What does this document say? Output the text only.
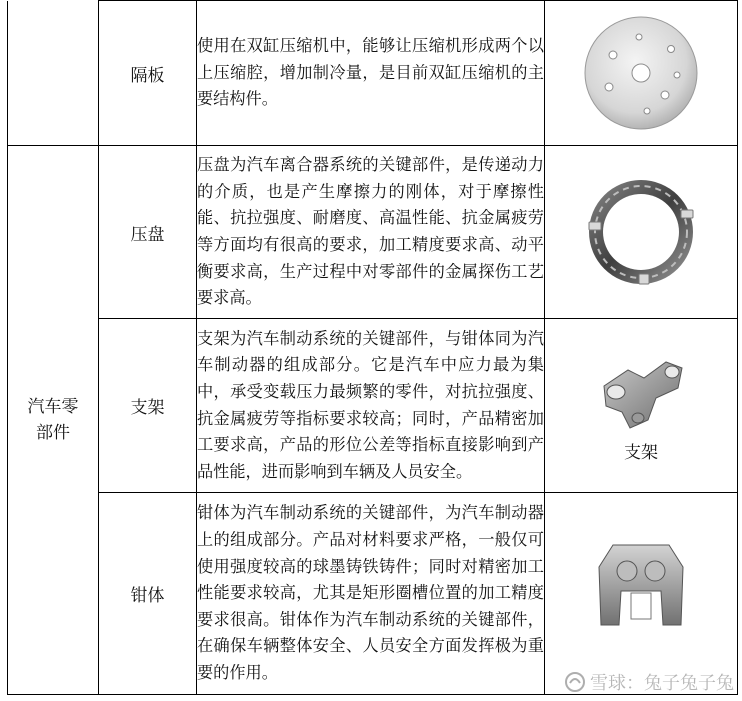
	隔板	使用在双缸压缩机中，能够让压缩机形成两个以上压缩腔，增加制冷量，是目前双缸压缩机的主要结构件。	

汽车零部件	压盘	压盘为汽车离合器系统的关键部件，是传递动力的介质，也是产生摩擦力的刚体，对于摩擦性能、抗拉强度、耐磨度、高温性能、抗金属疲劳等方面均有很高的要求，加工精度要求高、动平衡要求高，生产过程中对零部件的金属探伤工艺要求高。	

	支架	支架为汽车制动系统的关键部件，与钳体同为汽车制动器的组成部分。它是汽车中应力最为集中，承受变载压力最频繁的零件，对抗拉强度、抗金属疲劳等指标要求较高；同时，产品精密加工要求高，产品的形位公差等指标直接影响到产品性能，进而影响到车辆及人员安全。	支架

	钳体	钳体为汽车制动系统的关键部件，为汽车制动器上的组成部分。产品对材料要求严格，一般仅可使用强度较高的球墨铸铁铸件；同时对精密加工性能要求较高，尤其是矩形圈槽位置的加工精度要求很高。钳体作为汽车制动系统的关键部件，在确保车辆整体安全、人员安全方面发挥极为重要的作用。	
雪球：兔子兔子兔
